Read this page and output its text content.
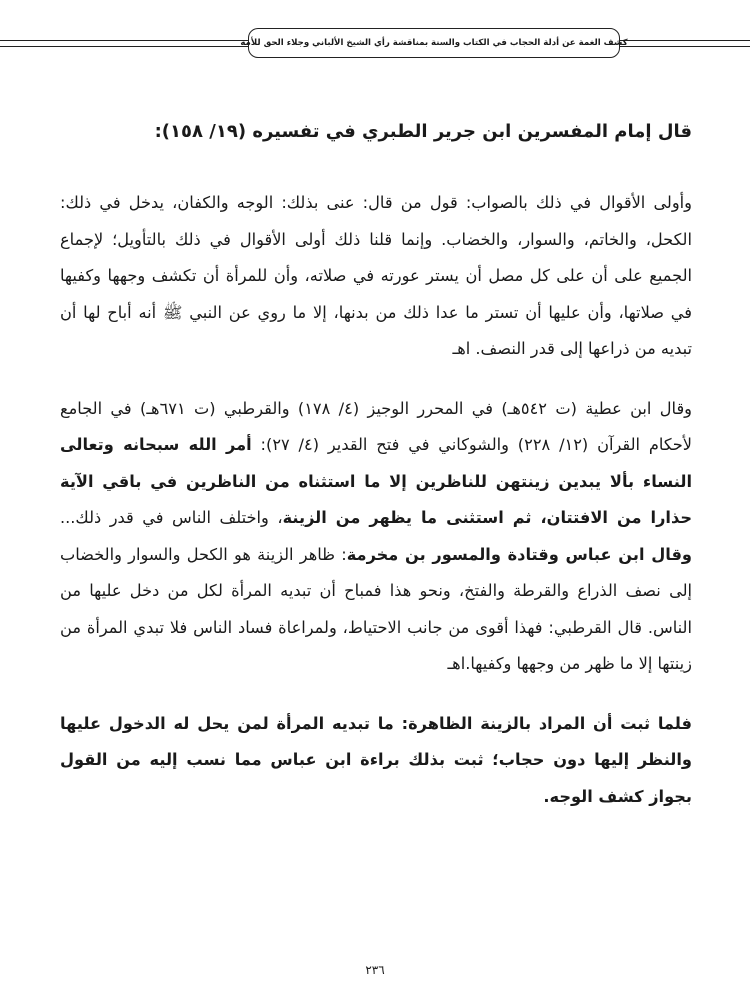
كشف الغمة عن أدلة الحجاب في الكتاب والسنة بمناقشة رأي الشيخ الألباني وجلاء الحق للأمة

قال إمام المفسرين ابن جرير الطبري في تفسيره (١٩/ ١٥٨):

وأولى الأقوال في ذلك بالصواب: قول من قال: عنى بذلك: الوجه والكفان، يدخل في ذلك: الكحل، والخاتم، والسوار، والخضاب. وإنما قلنا ذلك أولى الأقوال في ذلك بالتأويل؛ لإجماع الجميع على أن على كل مصل أن يستر عورته في صلاته، وأن للمرأة أن تكشف وجهها وكفيها في صلاتها، وأن عليها أن تستر ما عدا ذلك من بدنها، إلا ما روي عن النبي ﷺ أنه أباح لها أن تبديه من ذراعها إلى قدر النصف. اهـ

وقال ابن عطية (ت ٥٤٢هـ) في المحرر الوجيز (٤/ ١٧٨) والقرطبي (ت ٦٧١هـ) في الجامع لأحكام القرآن (١٢/ ٢٢٨) والشوكاني في فتح القدير (٤/ ٢٧): أمر الله سبحانه وتعالى النساء بألا يبدين زينتهن للناظرين إلا ما استثناه من الناظرين في باقي الآية حذارا من الافتتان، ثم استثنى ما يظهر من الزينة، واختلف الناس في قدر ذلك... وقال ابن عباس وقتادة والمسور بن مخرمة: ظاهر الزينة هو الكحل والسوار والخضاب إلى نصف الذراع والقرطة والفتخ، ونحو هذا فمباح أن تبديه المرأة لكل من دخل عليها من الناس. قال القرطبي: فهذا أقوى من جانب الاحتياط، ولمراعاة فساد الناس فلا تبدي المرأة من زينتها إلا ما ظهر من وجهها وكفيها.اهـ

فلما ثبت أن المراد بالزينة الظاهرة: ما تبديه المرأة لمن يحل له الدخول عليها والنظر إليها دون حجاب؛ ثبت بذلك براءة ابن عباس مما نسب إليه من القول بجواز كشف الوجه.

٢٣٦
